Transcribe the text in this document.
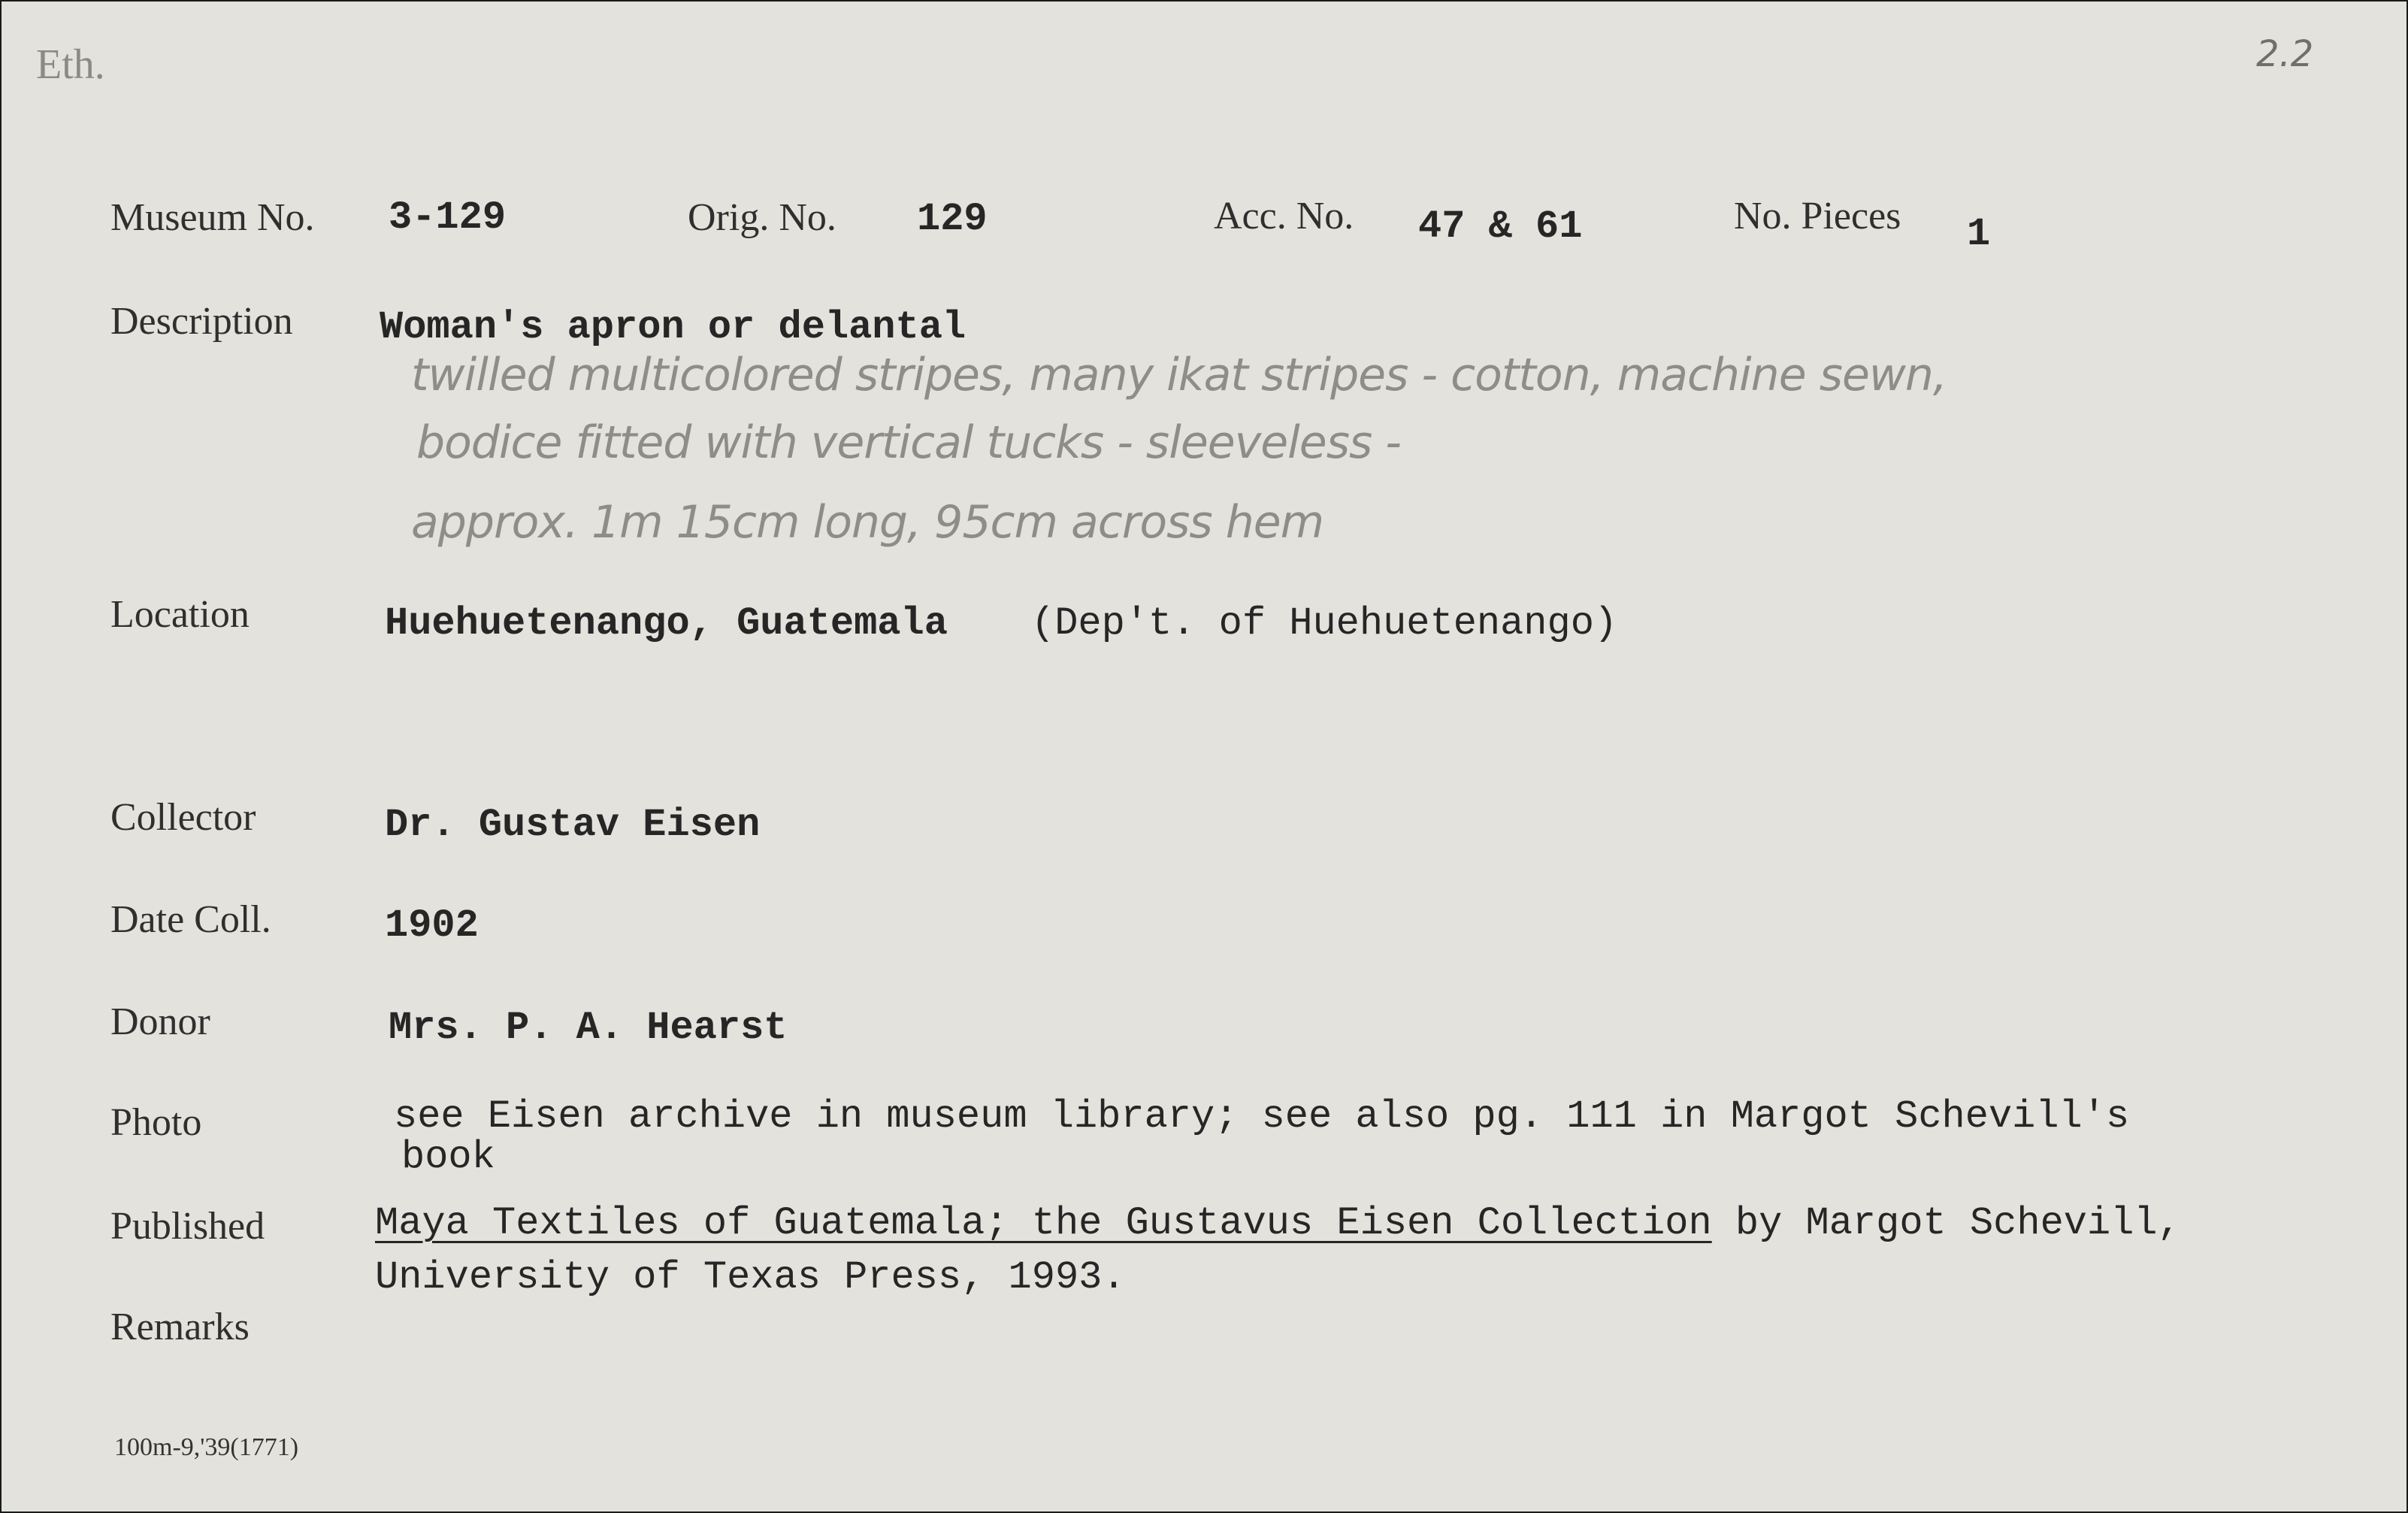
Eth.	2.2
Museum No. 3-129	Orig. No. 129	Acc. No. 47 & 61	No. Pieces 1
Description Woman's apron or delantal
twilled multicolored stripes, many ikat stripes - cotton, machine sewn,
bodice fitted with vertical tucks - sleeveless -
approx. 1m 15cm long, 95cm across hem
Location	Huehuetenango, Guatemala (Dep't. of Huehuetenango)
Collector	Dr. Gustav Eisen
Date Coll.	1902
Donor	Mrs. P. A. Hearst
Photo	see Eisen archive in museum library; see also pg. 111 in Margot Schevill's
book
Published	Maya Textiles of Guatemala; the Gustavus Eisen Collection by Margot Schevill,
University of Texas Press, 1993.
Remarks
100m-9,'39(1771)
